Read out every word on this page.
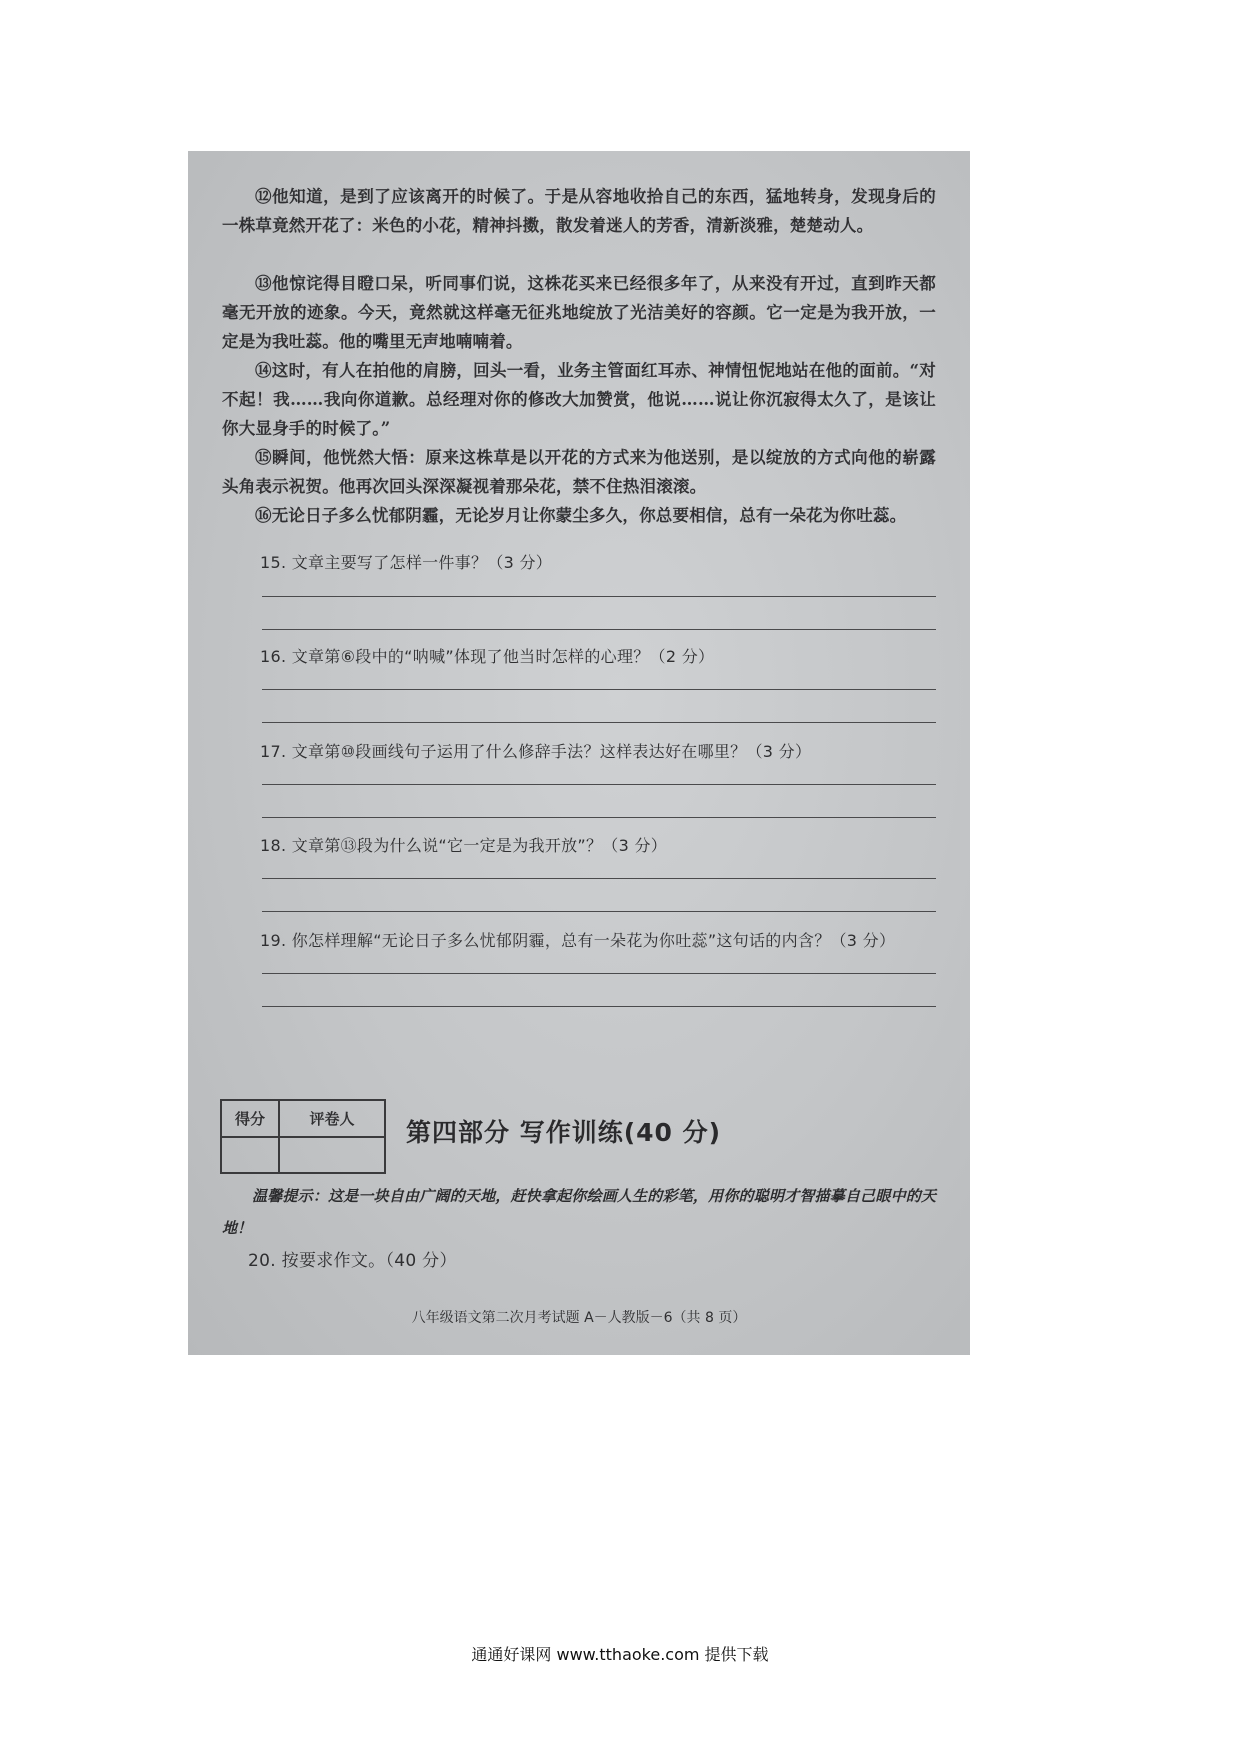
⑫他知道，是到了应该离开的时候了。于是从容地收拾自己的东西，猛地转身，发现身后的一株草竟然开花了：米色的小花，精神抖擞，散发着迷人的芳香，清新淡雅，楚楚动人。

⑬他惊诧得目瞪口呆，听同事们说，这株花买来已经很多年了，从来没有开过，直到昨天都毫无开放的迹象。今天，竟然就这样毫无征兆地绽放了光洁美好的容颜。它一定是为我开放，一定是为我吐蕊。他的嘴里无声地喃喃着。

⑭这时，有人在拍他的肩膀，回头一看，业务主管面红耳赤、神情忸怩地站在他的面前。“对不起！我……我向你道歉。总经理对你的修改大加赞赏，他说……说让你沉寂得太久了，是该让你大显身手的时候了。”

⑮瞬间，他恍然大悟：原来这株草是以开花的方式来为他送别，是以绽放的方式向他的崭露头角表示祝贺。他再次回头深深凝视着那朵花，禁不住热泪滚滚。

⑯无论日子多么忧郁阴霾，无论岁月让你蒙尘多久，你总要相信，总有一朵花为你吐蕊。

15. 文章主要写了怎样一件事？（3 分）
16. 文章第⑥段中的“呐喊”体现了他当时怎样的心理？（2 分）
17. 文章第⑩段画线句子运用了什么修辞手法？这样表达好在哪里？（3 分）
18. 文章第⑬段为什么说“它一定是为我开放”？（3 分）
19. 你怎样理解“无论日子多么忧郁阴霾，总有一朵花为你吐蕊”这句话的内含？（3 分）
得分	评卷人	第四部分 写作训练(40 分)

温馨提示：这是一块自由广阔的天地，赶快拿起你绘画人生的彩笔，用你的聪明才智描摹自己眼中的天地！

20. 按要求作文。（40 分）
八年级语文第二次月考试题 A－人教版－6（共 8 页）
通通好课网 www.tthaoke.com 提供下载
